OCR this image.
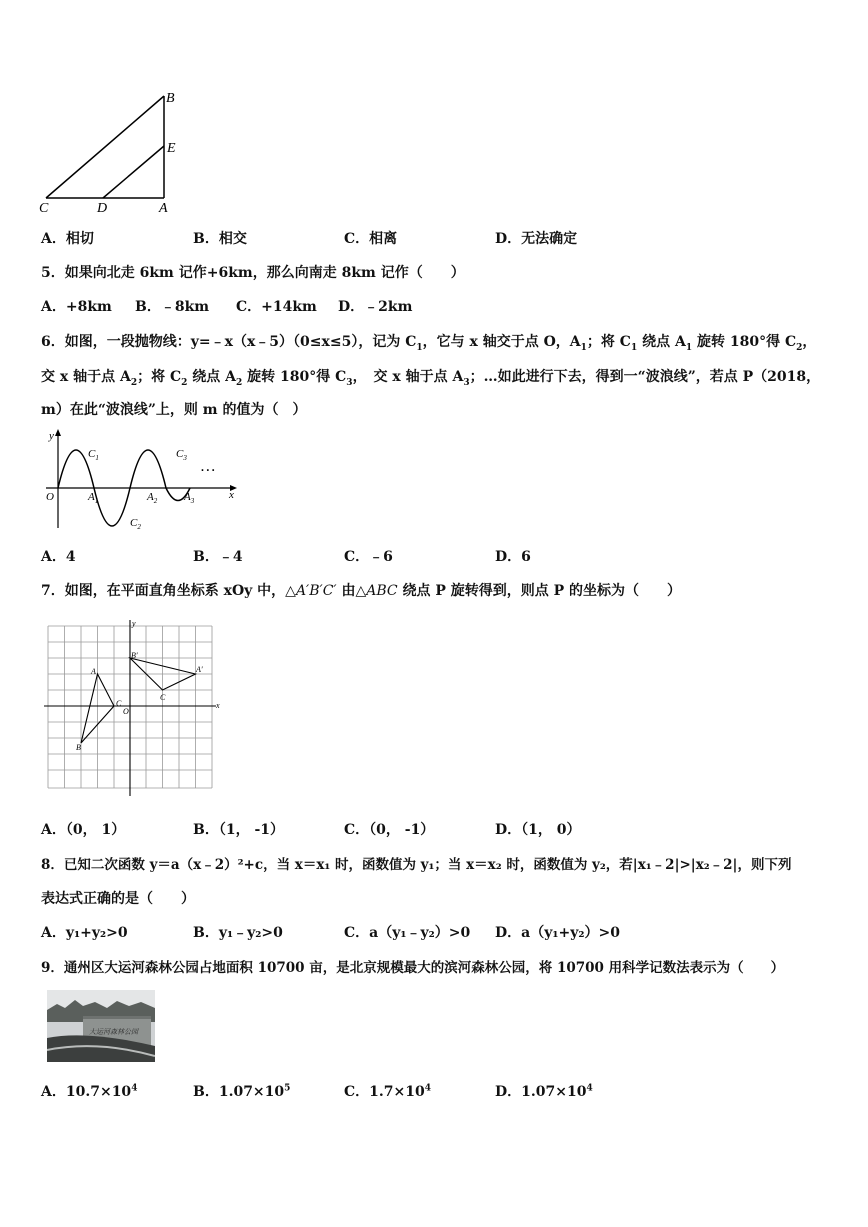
B
E
C	D	A
A．相切	B．相交	C．相离	D．无法确定
5．如果向北走 6km 记作+6km，那么向南走 8km 记作（　　）
A．+8km B．﹣8km C．+14km D．﹣2km
6．如图，一段抛物线：y=﹣x（x﹣5）（0≤x≤5），记为 $C_1$，它与 x 轴交于点 O，$A_1$；将 $C_1$ 绕点 $A_1$ 旋转 180°得 $C_2$，
交 x 轴于点 $A_2$；将 $C_2$ 绕点 $A_2$ 旋转 180°得 $C_3$，　交 x 轴于点 $A_3$；…如此进行下去，得到一“波浪线”，若点 P（2018，
m）在此“波浪线”上，则 m 的值为（　）
y
x
O
$C_1$
$A_1$
$C_2$
$A_2$
$C_3$
$A_3$
…
A．4	B．﹣4	C．﹣6	D．6
7．如图，在平面直角坐标系 xOy 中，△A′B′C′ 由△ABC 绕点 P 旋转得到，则点 P 的坐标为（　　）
y
x
O
A
B
C
A′
B′
C
A．（0， 1）	B．（1， -1）	C．（0， -1）	D．（1， 0）
8．已知二次函数 y＝a（x﹣2）²+c，当 x＝x₁ 时，函数值为 y₁；当 x＝x₂ 时，函数值为 y₂，若|x₁﹣2|>|x₂﹣2|，则下列
表达式正确的是（　　）
A．y₁+y₂>0	B．y₁﹣y₂>0	C．a（y₁﹣y₂）>0 D．a（y₁+y₂）>0
9．通州区大运河森林公园占地面积 10700 亩，是北京规模最大的滨河森林公园，将 10700 用科学记数法表示为（　　）
大运河森林公园
A．$10.7\times 10^4$	B．$1.07\times 10^5$	C．$1.7\times 10^4$	D．$1.07\times 10^4$
